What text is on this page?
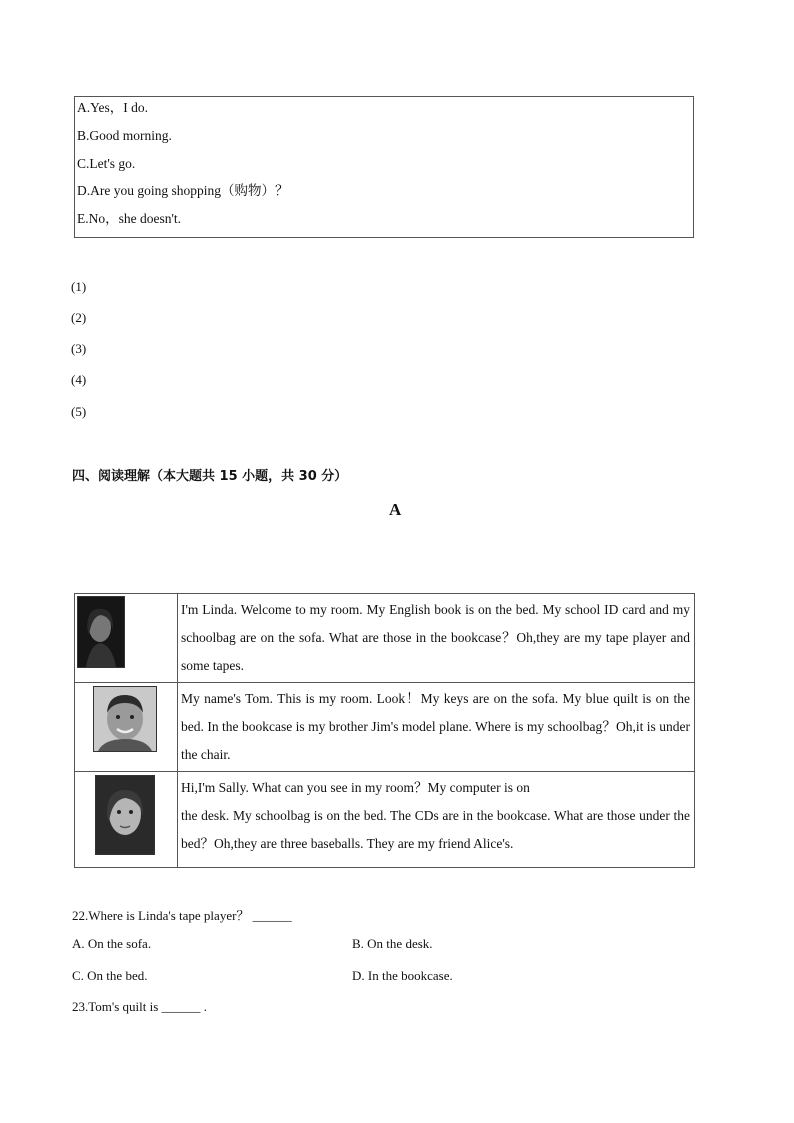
A.Yes，I do.
B.Good morning.
C.Let's go.
D.Are you going shopping（购物）？
E.No，she doesn't.
(1)
(2)
(3)
(4)
(5)
四、阅读理解（本大题共 15 小题，共 30 分）
A
	I'm Linda. Welcome to my room. My English book is on the bed. My school ID card and my schoolbag are on the sofa. What are those in the bookcase？Oh,they are my tape player and some tapes.

	My name's Tom. This is my room. Look！My keys are on the sofa. My blue quilt is on the bed. In the bookcase is my brother Jim's model plane. Where is my schoolbag？Oh,it is under the chair.

	Hi,I'm Sally. What can you see in my room？My computer is on
the desk. My schoolbag is on the bed. The CDs are in the bookcase. What are those under the bed？Oh,they are three baseballs. They are my friend Alice's.
22.Where is Linda's tape player？ ______
A. On the sofa.	B. On the desk.
C. On the bed.	D. In the bookcase.
23.Tom's quilt is ______ .
